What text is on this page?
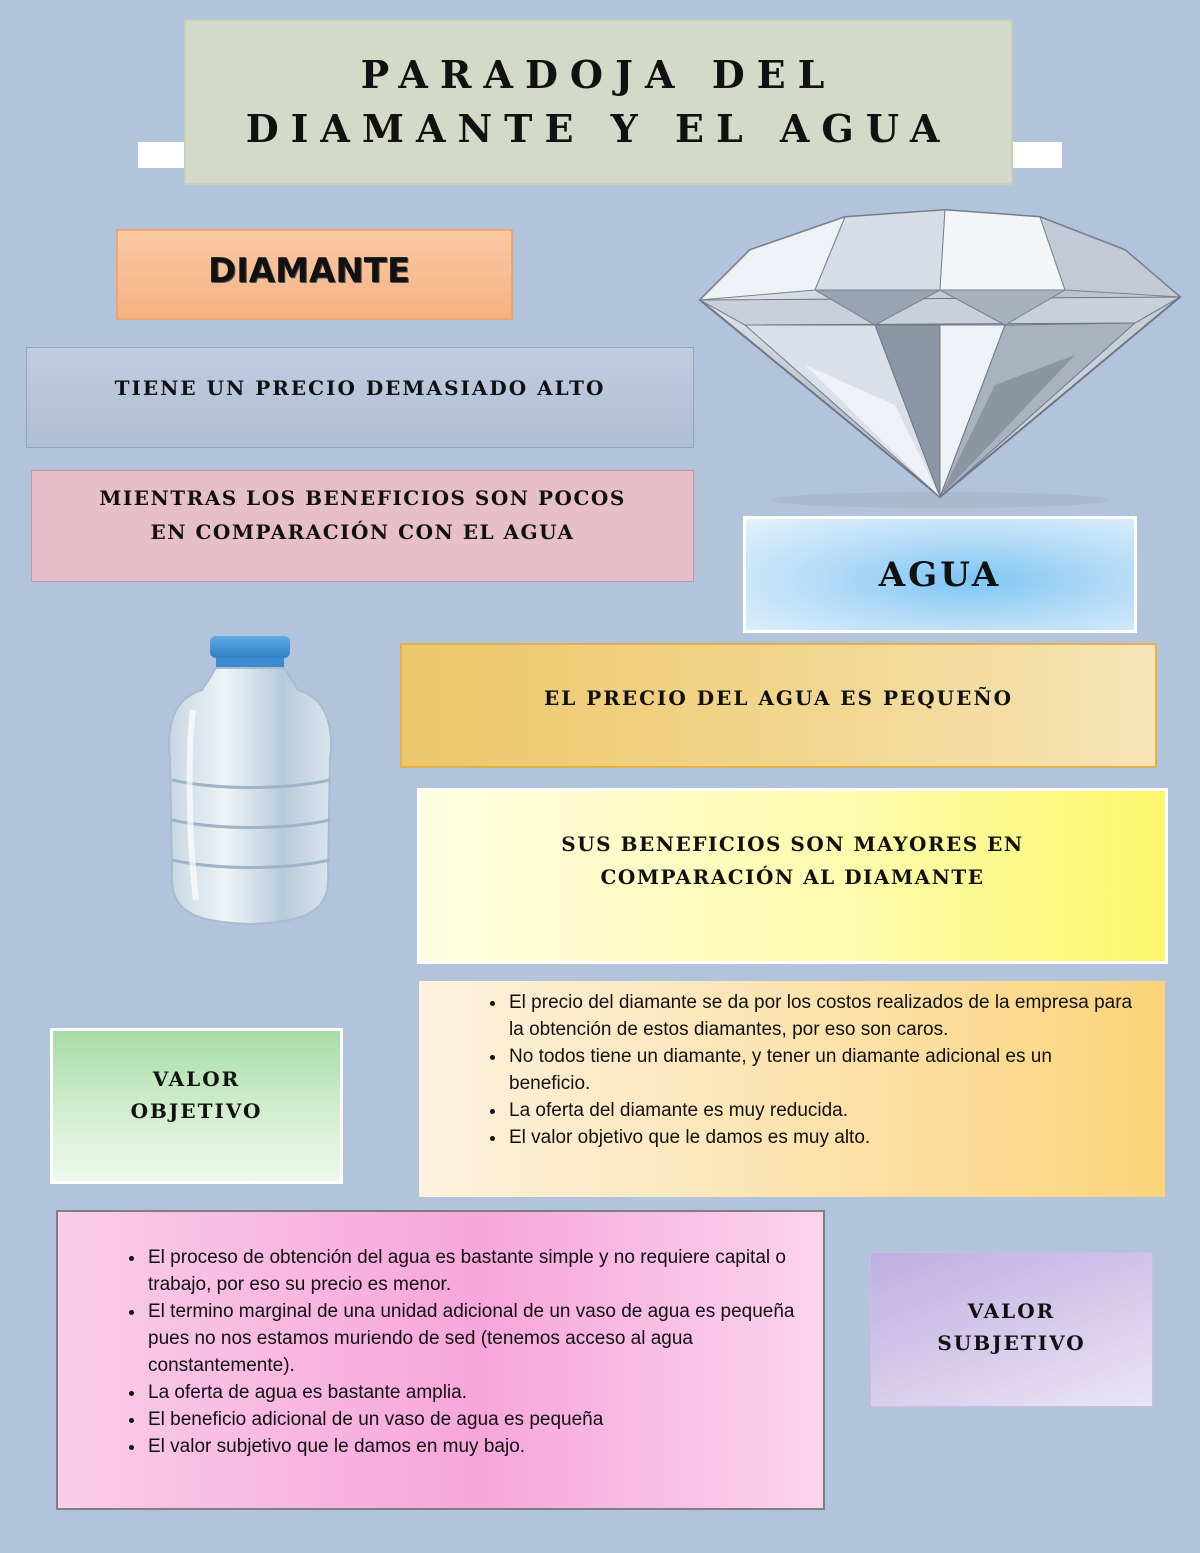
PARADOJA DEL
DIAMANTE Y EL AGUA
DIAMANTE
TIENE UN PRECIO DEMASIADO ALTO
MIENTRAS LOS BENEFICIOS SON POCOS
EN COMPARACIÓN CON EL AGUA
AGUA
EL PRECIO DEL AGUA ES PEQUEÑO
SUS BENEFICIOS SON MAYORES EN
COMPARACIÓN AL DIAMANTE
VALOR
OBJETIVO
• El precio del diamante se da por los costos realizados de la empresa para la obtención de estos diamantes, por eso son caros.
• No todos tiene un diamante, y tener un diamante adicional es un beneficio.
• La oferta del diamante es muy reducida.
• El valor objetivo que le damos es muy alto.
• El proceso de obtención del agua es bastante simple y no requiere capital o trabajo, por eso su precio es menor.
• El termino marginal de una unidad adicional de un vaso de agua es pequeña pues no nos estamos muriendo de sed (tenemos acceso al agua constantemente).
• La oferta de agua es bastante amplia.
• El beneficio adicional de un vaso de agua es pequeña
• El valor subjetivo que le damos en muy bajo.
VALOR
SUBJETIVO
